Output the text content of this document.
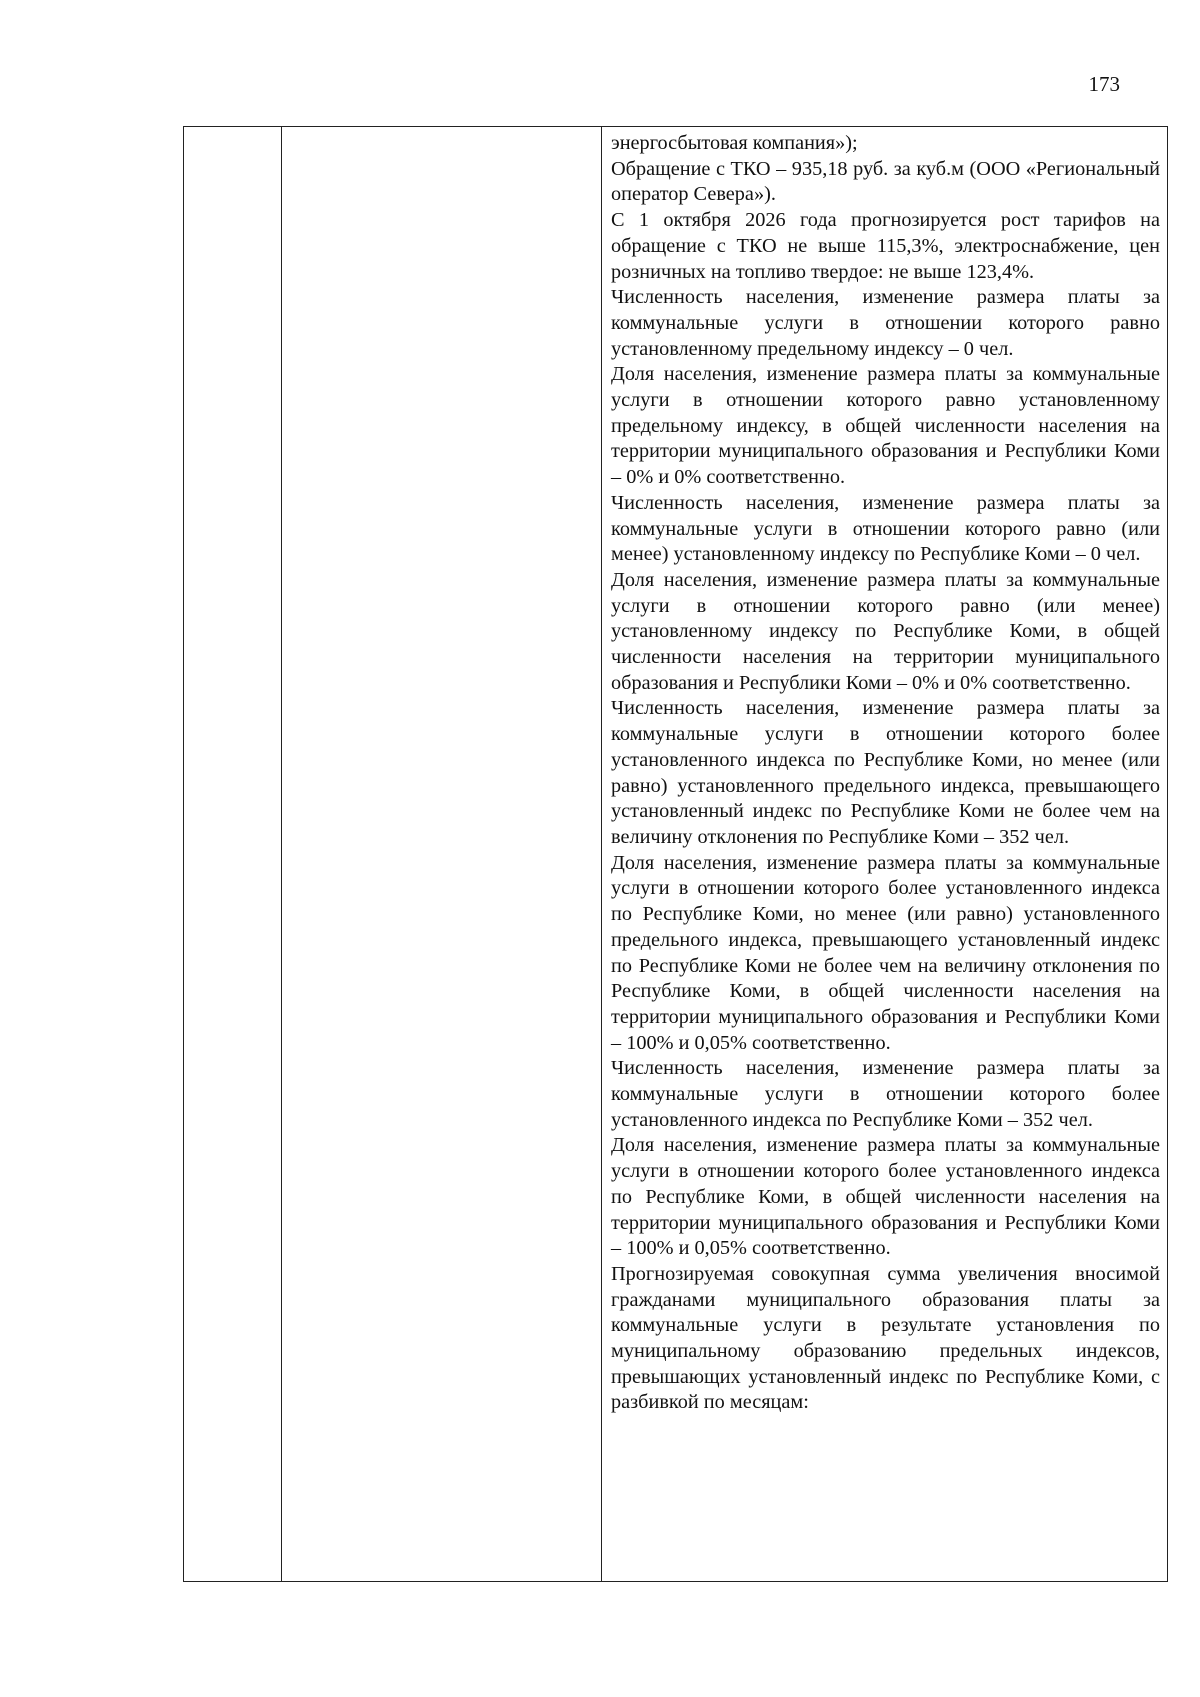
173

энергосбытовая компания»);

Обращение с ТКО – 935,18 руб. за куб.м (ООО «Региональный оператор Севера»).

С 1 октября 2026 года прогнозируется рост тарифов на обращение с ТКО не выше 115,3%, электроснабжение, цен розничных на топливо твердое: не выше 123,4%.

Численность населения, изменение размера платы за коммунальные услуги в отношении которого равно установленному предельному индексу – 0 чел.

Доля населения, изменение размера платы за коммунальные услуги в отношении которого равно установленному предельному индексу, в общей численности населения на территории муниципального образования и Республики Коми – 0% и 0% соответственно.

Численность населения, изменение размера платы за коммунальные услуги в отношении которого равно (или менее) установленному индексу по Республике Коми – 0 чел.

Доля населения, изменение размера платы за коммунальные услуги в отношении которого равно (или менее) установленному индексу по Республике Коми, в общей численности населения на территории муниципального образования и Республики Коми – 0% и 0% соответственно.

Численность населения, изменение размера платы за коммунальные услуги в отношении которого более установленного индекса по Республике Коми, но менее (или равно) установленного предельного индекса, превышающего установленный индекс по Республике Коми не более чем на величину отклонения по Республике Коми – 352 чел.

Доля населения, изменение размера платы за коммунальные услуги в отношении которого более установленного индекса по Республике Коми, но менее (или равно) установленного предельного индекса, превышающего установленный индекс по Республике Коми не более чем на величину отклонения по Республике Коми, в общей численности населения на территории муниципального образования и Республики Коми – 100% и 0,05% соответственно.

Численность населения, изменение размера платы за коммунальные услуги в отношении которого более установленного индекса по Республике Коми – 352 чел.

Доля населения, изменение размера платы за коммунальные услуги в отношении которого более установленного индекса по Республике Коми, в общей численности населения на территории муниципального образования и Республики Коми – 100% и 0,05% соответственно.

Прогнозируемая совокупная сумма увеличения вносимой гражданами муниципального образования платы за коммунальные услуги в результате установления по муниципальному образованию предельных индексов, превышающих установленный индекс по Республике Коми, с разбивкой по месяцам:
